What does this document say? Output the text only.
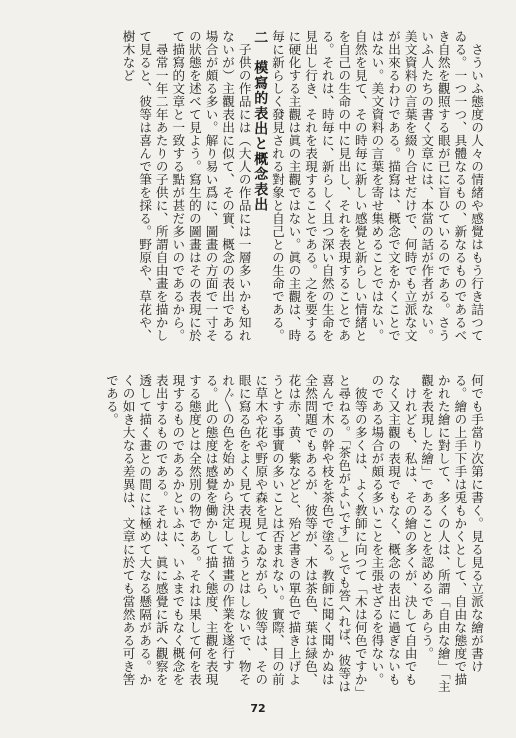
さういふ態度の人々の情緒や感覺はもう行き詰つてゐる。一つ一つ、具體なるもの、新なるものであるべき自然を觀照する眼が已に盲ひているのである。さういふ人たちの書く文章には、本當の話が作者がない。美文資料の言葉を綴り合せだけで、何時でも立派な文が出來るわけである。描寫は、概念で文をかくことではない。美文資料の言葉を寄せ集めることではない。自然を見て、その時毎に新しい感覺と新らしい情緒とを自己の生命の中に見出し、それを表現することである。それは、時毎に、新らしく且つ深い自然の生命を見出し行き、それを表現することである。之を要するに硬化する主觀は眞の主觀ではない。眞の主觀は、時毎に新らしく發見される對象と自己との生命である。
二　模寫的表出と概念表出
子供の作品には（大人の作品には一層多いかも知れないが）主觀表出に似て、その實、概念の表出である場合が頗る多い。解り易い爲に、圖畫の方面で一寸その狀態を述べて見よう。寫生的の圖畫はその表現に於て描寫的文章と一致する點が甚だ多いのであるから。
尋常一年二年あたりの子供に、所謂自由畫を描かして見ると、彼等は喜んで筆を採る。野原や、草花や、樹木など
何でも手當り次第に書く。見る見る立派な繪が書ける。繪の上手下手は兎もかくとして、自由な態度で描かれた繪に對して、多くの人は、所謂「自由な繪」「主觀を表現した繪」であることを認めるであらう。
けれども、私は、その繪の多くが、決して自由でもなく又主觀の表現でもなく、概念の表出に過ぎないものである場合が頗る多いことを主張せざるを得ない。
彼等の多くは、よく教師に向つて「木は何色ですか」と尋ねる。「茶色がよいです」とでも答へれば、彼等は喜んで木の幹や枝を茶色で塗る。教師に聞く聞かぬは全然問題でもあるが、彼等が、木は茶色、葉は緑色、花は赤、黄、紫などと、殆ど書きの單色で描き上げようとする事實の多いことは否まれない。實際、目の前に草木や花や野原や森を見てゐながら、彼等は、その眼に寫る色をよく見て表現しようとはしないで、物それ〴〵の色を始めから決定して描畫の作業を遂行する。此の態度は感覺を働かして描く態度、主觀を表現する態度とは全然別の物である。それは果して何を表現するものであるかといふに、いふまでもなく概念を表出するものである。それは、眞に感覺に訴へ觀察を透して描く畫との間には極めて大なる懸隔がある。かくの如き大なる差異は、文章に於ても當然ある可き筈である。
72
